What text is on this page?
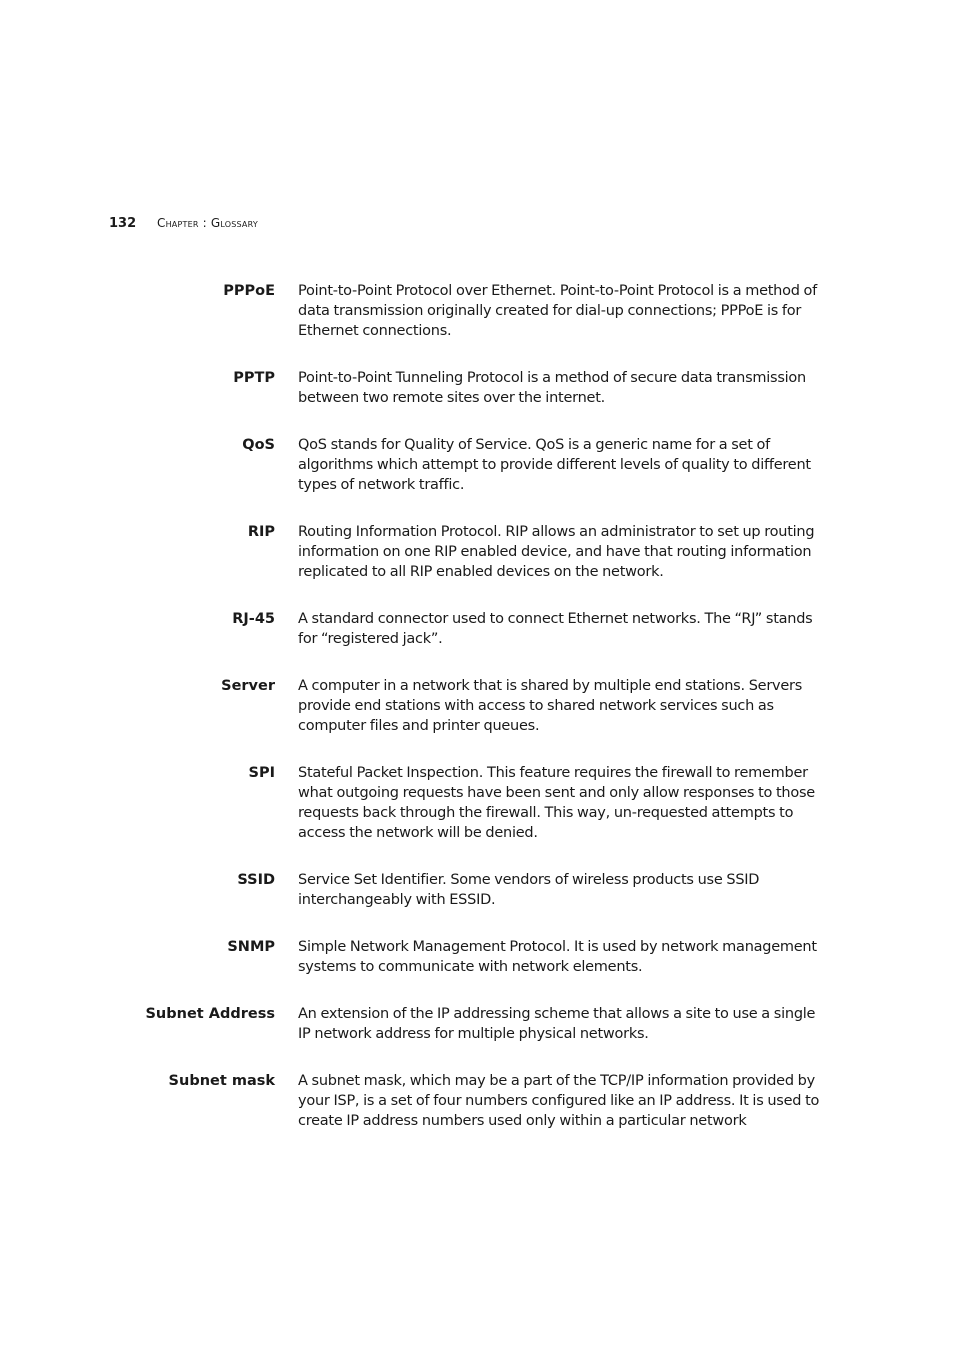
132	Chapter : Glossary
PPPoE Point-to-Point Protocol over Ethernet. Point-to-Point Protocol is a method of data transmission originally created for dial-up connections; PPPoE is for Ethernet connections.
PPTP Point-to-Point Tunneling Protocol is a method of secure data transmission between two remote sites over the internet.
QoS QoS stands for Quality of Service. QoS is a generic name for a set of algorithms which attempt to provide different levels of quality to different types of network traffic.
RIP Routing Information Protocol. RIP allows an administrator to set up routing information on one RIP enabled device, and have that routing information replicated to all RIP enabled devices on the network.
RJ-45 A standard connector used to connect Ethernet networks. The “RJ” stands for “registered jack”.
Server A computer in a network that is shared by multiple end stations. Servers provide end stations with access to shared network services such as computer files and printer queues.
SPI Stateful Packet Inspection. This feature requires the firewall to remember what outgoing requests have been sent and only allow responses to those requests back through the firewall. This way, un-requested attempts to access the network will be denied.
SSID Service Set Identifier. Some vendors of wireless products use SSID interchangeably with ESSID.
SNMP Simple Network Management Protocol. It is used by network management systems to communicate with network elements.
Subnet Address An extension of the IP addressing scheme that allows a site to use a single IP network address for multiple physical networks.
Subnet mask A subnet mask, which may be a part of the TCP/IP information provided by your ISP, is a set of four numbers configured like an IP address. It is used to create IP address numbers used only within a particular network
